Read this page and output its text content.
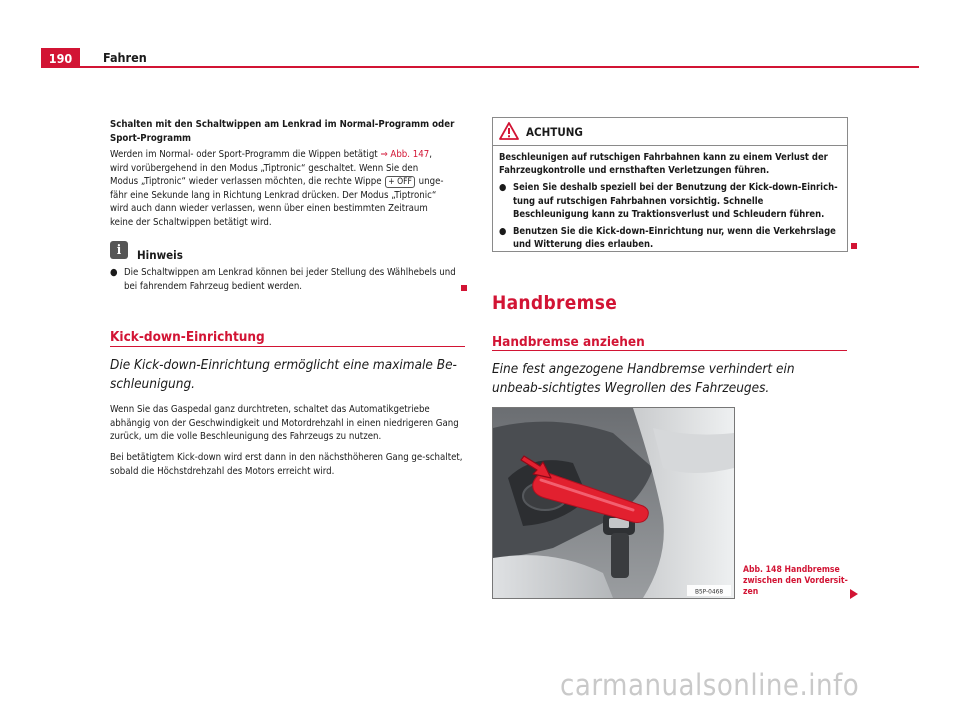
190	Fahren
Schalten mit den Schaltwippen am Lenkrad im Normal-Programm oder Sport-Programm
Werden im Normal- oder Sport-Programm die Wippen betätigt ⇒ Abb. 147,
wird vorübergehend in den Modus „Tiptronic“ geschaltet. Wenn Sie den
Modus „Tiptronic“ wieder verlassen möchten, die rechte Wippe + OFF unge-
fähr eine Sekunde lang in Richtung Lenkrad drücken. Der Modus „Tiptronic“
wird auch dann wieder verlassen, wenn über einen bestimmten Zeitraum
keine der Schaltwippen betätigt wird.
i	Hinweis
● Die Schaltwippen am Lenkrad können bei jeder Stellung des Wählhebels und bei fahrendem Fahrzeug bedient werden.
Kick-down-Einrichtung
Die Kick-down-Einrichtung ermöglicht eine maximale Be-schleunigung.
Wenn Sie das Gaspedal ganz durchtreten, schaltet das Automatikgetriebe abhängig von der Geschwindigkeit und Motordrehzahl in einen niedrigeren Gang zurück, um die volle Beschleunigung des Fahrzeugs zu nutzen.
Bei betätigtem Kick-down wird erst dann in den nächsthöheren Gang ge-schaltet, sobald die Höchstdrehzahl des Motors erreicht wird.
ACHTUNG

Beschleunigen auf rutschigen Fahrbahnen kann zu einem Verlust der Fahrzeugkontrolle und ernsthaften Verletzungen führen.

● Seien Sie deshalb speziell bei der Benutzung der Kick-down-Einrich-tung auf rutschigen Fahrbahnen vorsichtig. Schnelle Beschleunigung kann zu Traktionsverlust und Schleudern führen.

● Benutzen Sie die Kick-down-Einrichtung nur, wenn die Verkehrslage und Witterung dies erlauben.

Handbremse
Handbremse anziehen
Eine fest angezogene Handbremse verhindert ein unbeab-sichtigtes Wegrollen des Fahrzeuges.
B5P-0468
Abb. 148 Handbremse zwischen den Vordersit-zen
carmanualsonline.info
